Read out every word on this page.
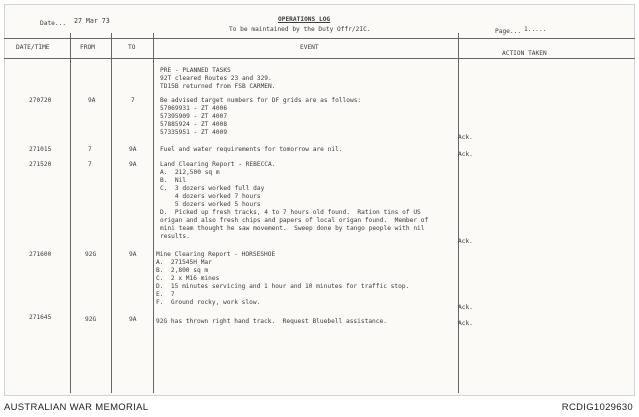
Date... 27 Mar 73	OPERATIONS LOG
To be maintained by the Duty Offr/2IC.	Page... 1.....
DATE/TIME	FROM	TO	EVENT
ACTION TAKEN
PRE - PLANNED TASKS
92T cleared Routes 23 and 329.
TD15B returned from FSB CARMEN.
270720	9A	7	Be advised target numbers for DF grids are as follows:
57069931 - ZT 4006
57395909 - ZT 4007
57885924 - ZT 4008
57335951 - ZT 4009
Ack.
271015	7	9A	Fuel and water requirements for tomorrow are nil.
Ack.
271520	7	9A	Land Clearing Report - REBECCA.
A.  212,500 sq m
B.  Nil
C.  3 dozers worked full day
4 dozers worked 7 hours
5 dozers worked 5 hours
D.  Picked up fresh tracks, 4 to 7 hours old found.  Ration tins of US
origan and also fresh chips and papers of local origan found.  Member of
mini team thought he saw movement.  Sweep done by tango people with nil
results.
Ack.
271600	92G	9A	Mine Clearing Report - HORSESHOE
A.  271545H Mar
B.  2,800 sq m
C.  2 x M16 mines
D.  15 minutes servicing and 1 hour and 10 minutes for traffic stop.
E.  7
F.  Ground rocky, work slow.
Ack.
271645	92G	9A	92G has thrown right hand track.  Request Bluebell assistance.	Ack.
AUSTRALIAN WAR MEMORIAL	RCDIG1029630
